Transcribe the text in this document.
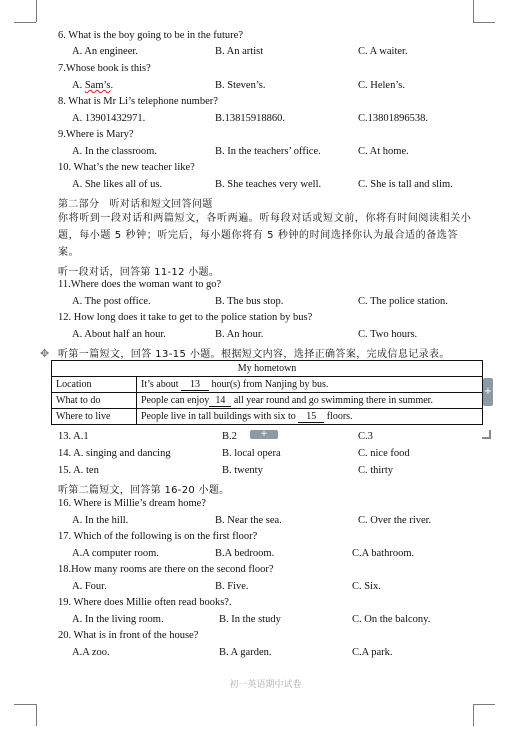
6. What is the boy going to be in the future?
A. An engineer.	B. An artist	C. A waiter.
7.Whose book is this?
A. Sam’s.	B. Steven’s.	C. Helen’s.
8. What is Mr Li’s telephone number?
A. 13901432971.	B.13815918860.	C.13801896538.
9.Where is Mary?
A. In the classroom.	B. In the teachers’ office.	C. At home.
10. What’s the new teacher like?
A. She likes all of us.	B. She teaches very well.	C. She is tall and slim.
第二部分　听对话和短文回答问题
你将听到一段对话和两篇短文，各听两遍。听每段对话或短文前，你将有时间阅读相关小题，每小题 5 秒钟；听完后，每小题你将有 5 秒钟的时间选择你认为最合适的备选答案。
听一段对话，回答第 11-12 小题。
11.Where does the woman want to go?
A. The post office.	B. The bus stop.	C. The police station.
12. How long does it take to get to the police station by bus?
A. About half an hour.	B. An hour.	C. Two hours.
✥ 听第一篇短文，回答 13-15 小题。根据短文内容，选择正确答案，完成信息记录表。
My hometown	
Location	It’s about 13 hour(s) from Nanjing by bus.
What to do	People can enjoy 14 all year round and go swimming there in summer.
Where to live	People live in tall buildings with six to 15 floors.
+
+
13. A.1	B.2	C.3
14. A. singing and dancing	B. local opera	C. nice food
15. A. ten	B. twenty	C. thirty
听第二篇短文，回答第 16-20 小题。
16. Where is Millie’s dream home?
A. In the hill.	B. Near the sea.	C. Over the river.
17. Which of the following is on the first floor?
A.A computer room.	B.A bedroom.	C.A bathroom.
18.How many rooms are there on the second floor?
A. Four.	B. Five.	C. Six.
19. Where does Millie often read books?.
A. In the living room.	B. In the study	C. On the balcony.
20. What is in front of the house?
A.A zoo.	B. A garden.	C.A park.
初一英语期中试卷
